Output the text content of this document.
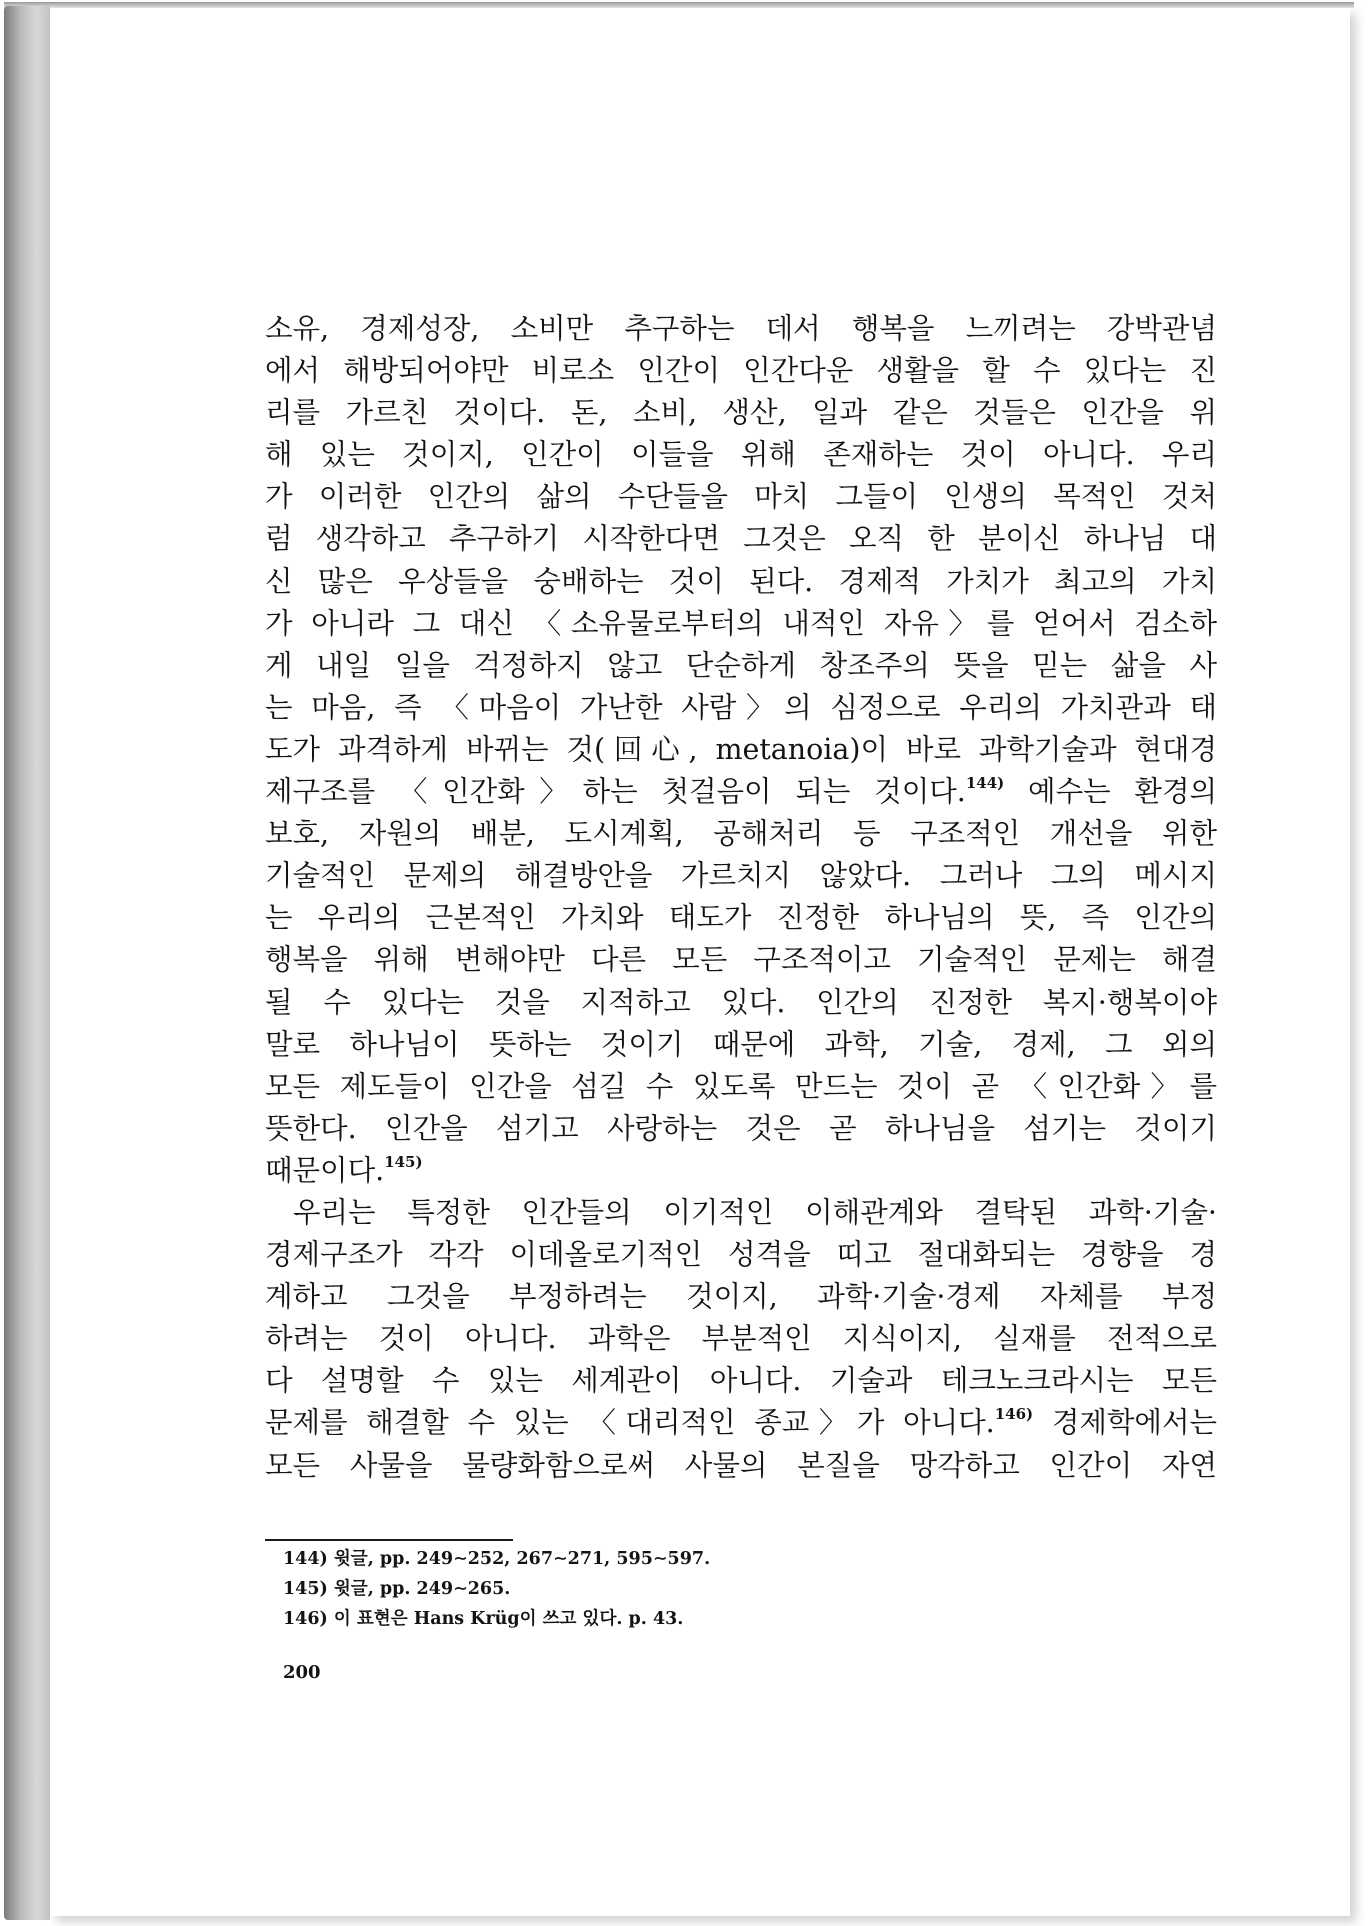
소유, 경제성장, 소비만 추구하는 데서 행복을 느끼려는 강박관념
에서 해방되어야만 비로소 인간이 인간다운 생활을 할 수 있다는 진
리를 가르친 것이다. 돈, 소비, 생산, 일과 같은 것들은 인간을 위
해 있는 것이지, 인간이 이들을 위해 존재하는 것이 아니다. 우리
가 이러한 인간의 삶의 수단들을 마치 그들이 인생의 목적인 것처
럼 생각하고 추구하기 시작한다면 그것은 오직 한 분이신 하나님 대
신 많은 우상들을 숭배하는 것이 된다. 경제적 가치가 최고의 가치
가 아니라 그 대신 〈소유물로부터의 내적인 자유〉를 얻어서 검소하
게 내일 일을 걱정하지 않고 단순하게 창조주의 뜻을 믿는 삶을 사
는 마음, 즉 〈마음이 가난한 사람〉의 심정으로 우리의 가치관과 태
도가 과격하게 바뀌는 것(回心, metanoia)이 바로 과학기술과 현대경
제구조를 〈인간화〉하는 첫걸음이 되는 것이다.$^{144)}$ 예수는 환경의
보호, 자원의 배분, 도시계획, 공해처리 등 구조적인 개선을 위한
기술적인 문제의 해결방안을 가르치지 않았다. 그러나 그의 메시지
는 우리의 근본적인 가치와 태도가 진정한 하나님의 뜻, 즉 인간의
행복을 위해 변해야만 다른 모든 구조적이고 기술적인 문제는 해결
될 수 있다는 것을 지적하고 있다. 인간의 진정한 복지·행복이야
말로 하나님이 뜻하는 것이기 때문에 과학, 기술, 경제, 그 외의
모든 제도들이 인간을 섬길 수 있도록 만드는 것이 곧 〈인간화〉를
뜻한다. 인간을 섬기고 사랑하는 것은 곧 하나님을 섬기는 것이기
때문이다.$^{145)}$

우리는 특정한 인간들의 이기적인 이해관계와 결탁된 과학·기술·
경제구조가 각각 이데올로기적인 성격을 띠고 절대화되는 경향을 경
계하고 그것을 부정하려는 것이지, 과학·기술·경제 자체를 부정
하려는 것이 아니다. 과학은 부분적인 지식이지, 실재를 전적으로
다 설명할 수 있는 세계관이 아니다. 기술과 테크노크라시는 모든
문제를 해결할 수 있는 〈대리적인 종교〉가 아니다.$^{146)}$ 경제학에서는
모든 사물을 물량화함으로써 사물의 본질을 망각하고 인간이 자연

144) 윗글, pp. 249∼252, 267∼271, 595∼597.
145) 윗글, pp. 249∼265.
146) 이 표현은 Hans Krüg이 쓰고 있다. p. 43.
200
